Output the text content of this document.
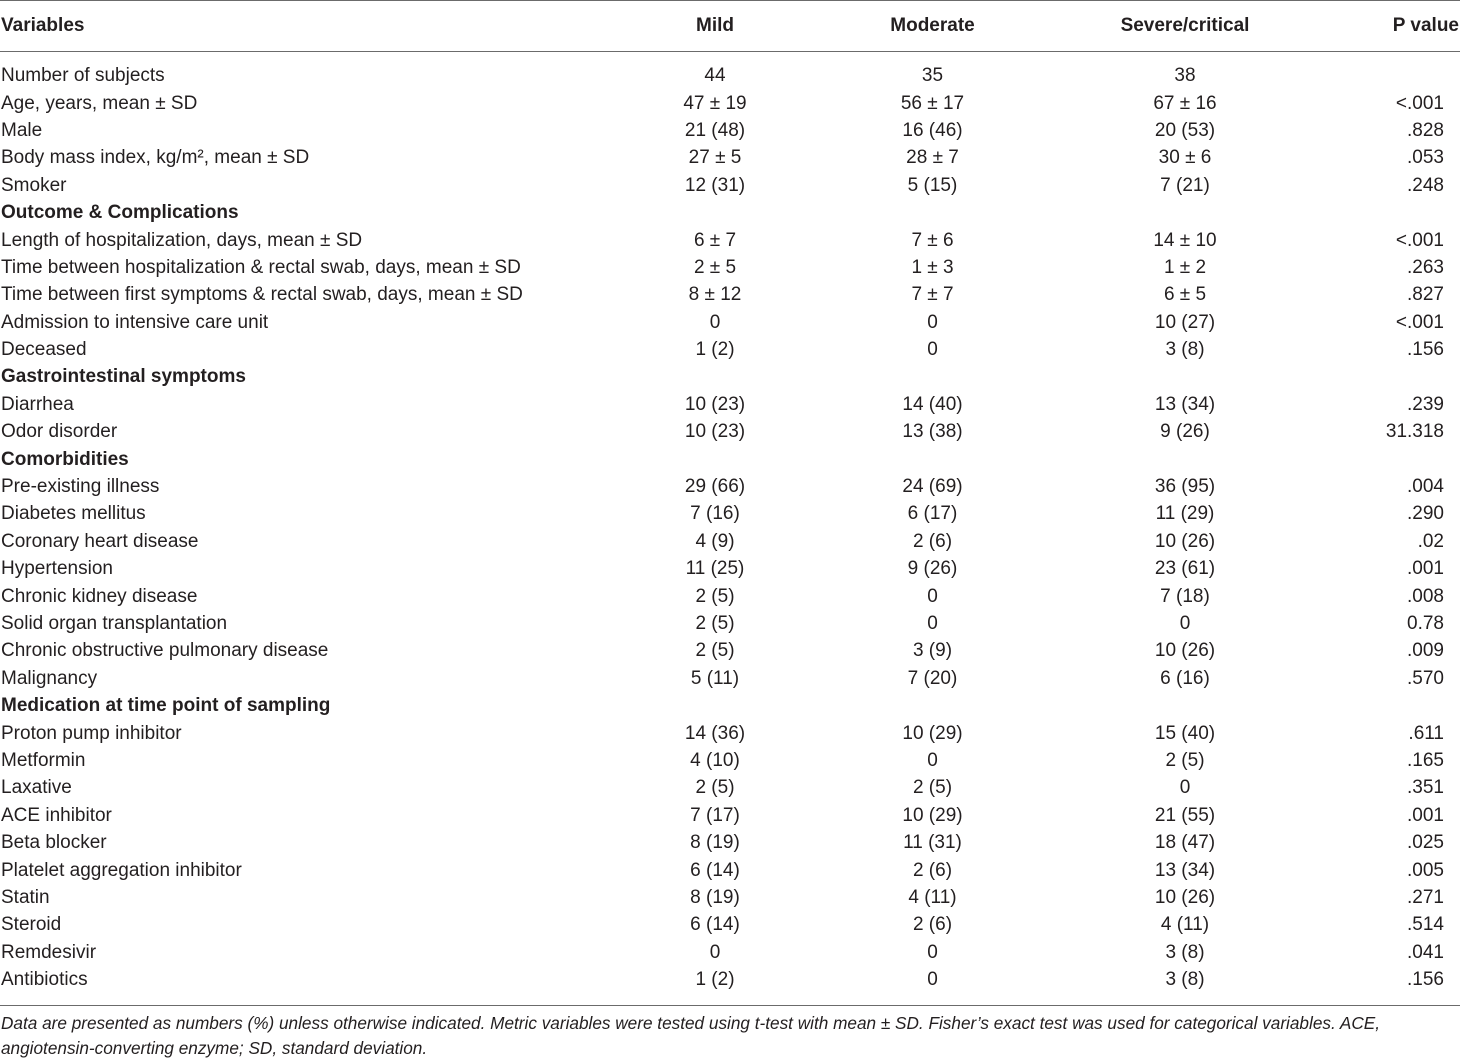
Variables	Mild	Moderate	Severe/critical	P value

Number of subjects	44	35	38	
Age, years, mean ± SD	47 ± 19	56 ± 17	67 ± 16	<.001
Male	21 (48)	16 (46)	20 (53)	.828
Body mass index, kg/m², mean ± SD	27 ± 5	28 ± 7	30 ± 6	.053
Smoker	12 (31)	5 (15)	7 (21)	.248
Outcome & Complications				
Length of hospitalization, days, mean ± SD	6 ± 7	7 ± 6	14 ± 10	<.001
Time between hospitalization & rectal swab, days, mean ± SD	2 ± 5	1 ± 3	1 ± 2	.263
Time between first symptoms & rectal swab, days, mean ± SD	8 ± 12	7 ± 7	6 ± 5	.827
Admission to intensive care unit	0	0	10 (27)	<.001
Deceased	1 (2)	0	3 (8)	.156
Gastrointestinal symptoms				
Diarrhea	10 (23)	14 (40)	13 (34)	.239
Odor disorder	10 (23)	13 (38)	9 (26)	31.318
Comorbidities				
Pre-existing illness	29 (66)	24 (69)	36 (95)	.004
Diabetes mellitus	7 (16)	6 (17)	11 (29)	.290
Coronary heart disease	4 (9)	2 (6)	10 (26)	.02
Hypertension	11 (25)	9 (26)	23 (61)	.001
Chronic kidney disease	2 (5)	0	7 (18)	.008
Solid organ transplantation	2 (5)	0	0	0.78
Chronic obstructive pulmonary disease	2 (5)	3 (9)	10 (26)	.009
Malignancy	5 (11)	7 (20)	6 (16)	.570
Medication at time point of sampling				
Proton pump inhibitor	14 (36)	10 (29)	15 (40)	.611
Metformin	4 (10)	0	2 (5)	.165
Laxative	2 (5)	2 (5)	0	.351
ACE inhibitor	7 (17)	10 (29)	21 (55)	.001
Beta blocker	8 (19)	11 (31)	18 (47)	.025
Platelet aggregation inhibitor	6 (14)	2 (6)	13 (34)	.005
Statin	8 (19)	4 (11)	10 (26)	.271
Steroid	6 (14)	2 (6)	4 (11)	.514
Remdesivir	0	0	3 (8)	.041
Antibiotics	1 (2)	0	3 (8)	.156
Data are presented as numbers (%) unless otherwise indicated. Metric variables were tested using t-test with mean ± SD. Fisher’s exact test was used for categorical variables. ACE, angiotensin-converting enzyme; SD, standard deviation.
